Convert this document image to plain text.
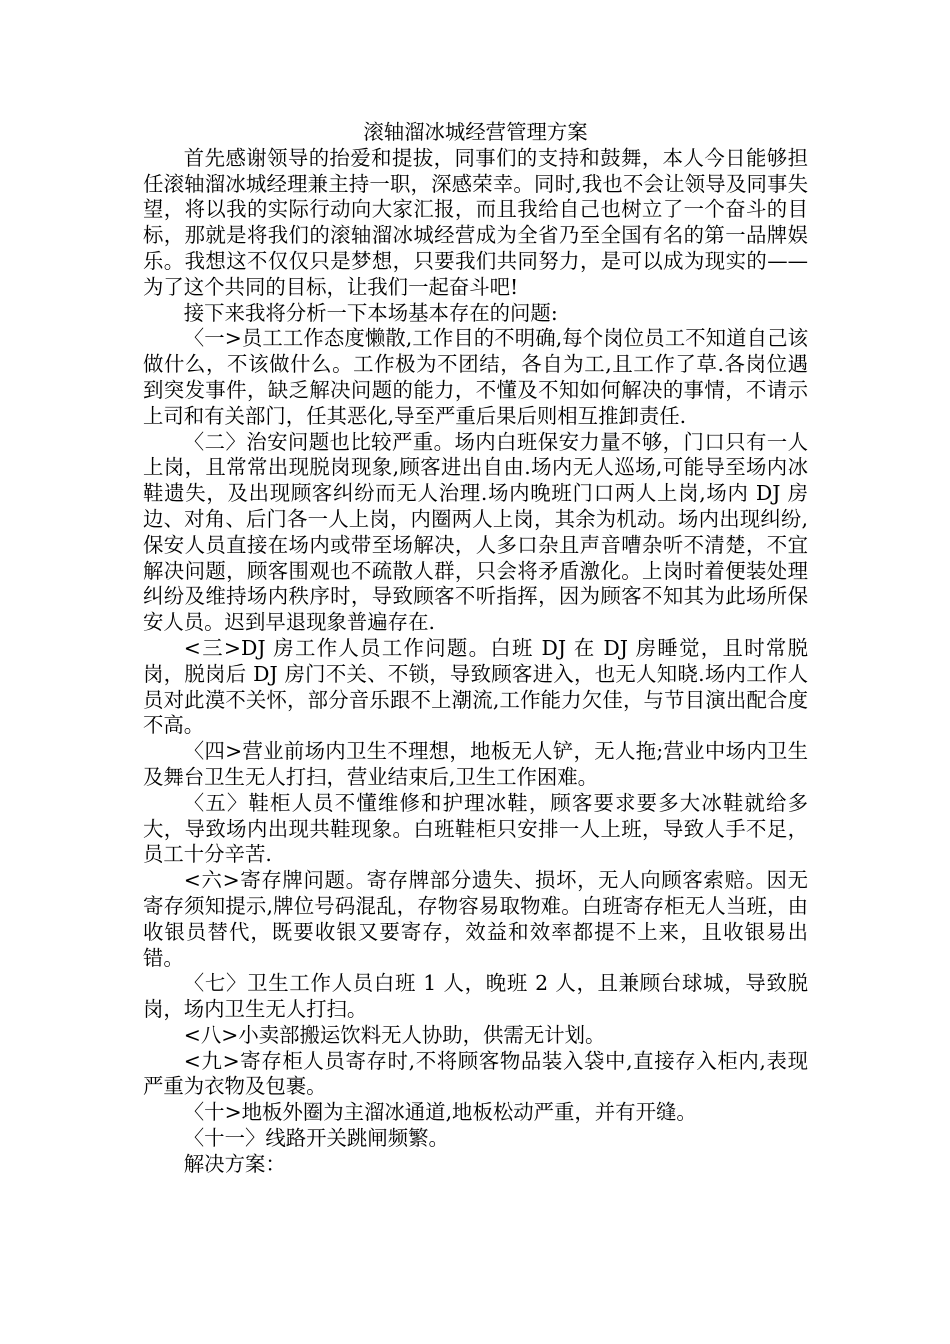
滚轴溜冰城经营管理方案

首先感谢领导的抬爱和提拔，同事们的支持和鼓舞，本人今日能够担任滚轴溜冰城经理兼主持一职，深感荣幸。同时,我也不会让领导及同事失望，将以我的实际行动向大家汇报，而且我给自己也树立了一个奋斗的目标，那就是将我们的滚轴溜冰城经营成为全省乃至全国有名的第一品牌娱乐。我想这不仅仅只是梦想，只要我们共同努力，是可以成为现实的——为了这个共同的目标，让我们一起奋斗吧!

接下来我将分析一下本场基本存在的问题:

〈一>员工工作态度懒散,工作目的不明确,每个岗位员工不知道自己该做什么，不该做什么。工作极为不团结，各自为工,且工作了草.各岗位遇到突发事件，缺乏解决问题的能力，不懂及不知如何解决的事情，不请示上司和有关部门，任其恶化,导至严重后果后则相互推卸责任.

〈二〉治安问题也比较严重。场内白班保安力量不够，门口只有一人上岗，且常常出现脱岗现象,顾客进出自由.场内无人巡场,可能导至场内冰鞋遗失，及出现顾客纠纷而无人治理.场内晚班门口两人上岗,场内 DJ 房边、对角、后门各一人上岗，内圈两人上岗，其余为机动。场内出现纠纷,保安人员直接在场内或带至场解决，人多口杂且声音嘈杂听不清楚，不宜解决问题，顾客围观也不疏散人群，只会将矛盾激化。上岗时着便装处理纠纷及维持场内秩序时，导致顾客不听指挥，因为顾客不知其为此场所保安人员。迟到早退现象普遍存在.

<三>DJ 房工作人员工作问题。白班 DJ 在 DJ 房睡觉，且时常脱岗，脱岗后 DJ 房门不关、不锁，导致顾客进入，也无人知晓.场内工作人员对此漠不关怀，部分音乐跟不上潮流,工作能力欠佳，与节目演出配合度不高。

〈四>营业前场内卫生不理想，地板无人铲，无人拖;营业中场内卫生及舞台卫生无人打扫，营业结束后,卫生工作困难。

〈五〉鞋柜人员不懂维修和护理冰鞋，顾客要求要多大冰鞋就给多大，导致场内出现共鞋现象。白班鞋柜只安排一人上班，导致人手不足，员工十分辛苦.

<六>寄存牌问题。寄存牌部分遗失、损坏，无人向顾客索赔。因无寄存须知提示,牌位号码混乱，存物容易取物难。白班寄存柜无人当班，由收银员替代，既要收银又要寄存，效益和效率都提不上来，且收银易出错。

〈七〉卫生工作人员白班 1 人，晚班 2 人，且兼顾台球城，导致脱岗，场内卫生无人打扫。

<八>小卖部搬运饮料无人协助，供需无计划。

<九>寄存柜人员寄存时,不将顾客物品装入袋中,直接存入柜内,表现严重为衣物及包裹。

〈十>地板外圈为主溜冰通道,地板松动严重，并有开缝。

〈十一〉线路开关跳闸频繁。

解决方案：
